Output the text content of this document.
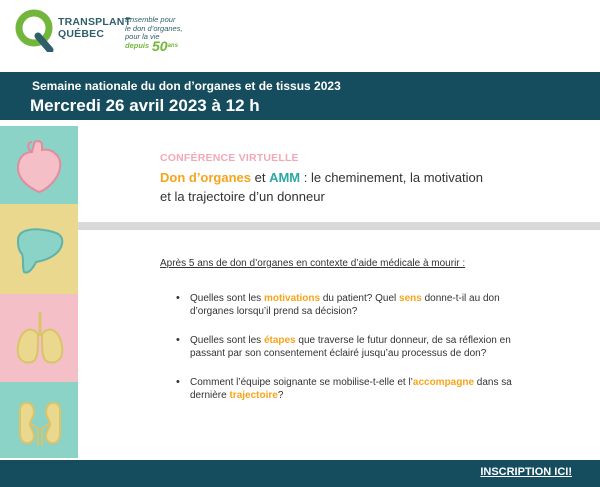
TRANSPLANT
QUÉBEC
Ensemble pour
le don d’organes,
pour la vie
depuis $50^{ans}$
Semaine nationale du don d’organes et de tissus 2023
Mercredi 26 avril 2023 à 12 h
CONFÉRENCE VIRTUELLE
Don d’organes et AMM : le cheminement, la motivation
et la trajectoire d’un donneur
Après 5 ans de don d’organes en contexte d’aide médicale à mourir :
• Quelles sont les motivations du patient? Quel sens donne-t-il au don d’organes lorsqu’il prend sa décision?
• Quelles sont les étapes que traverse le futur donneur, de sa réflexion en passant par son consentement éclairé jusqu’au processus de don?
• Comment l’équipe soignante se mobilise-t-elle et l’accompagne dans sa dernière trajectoire?
INSCRIPTION ICI!
